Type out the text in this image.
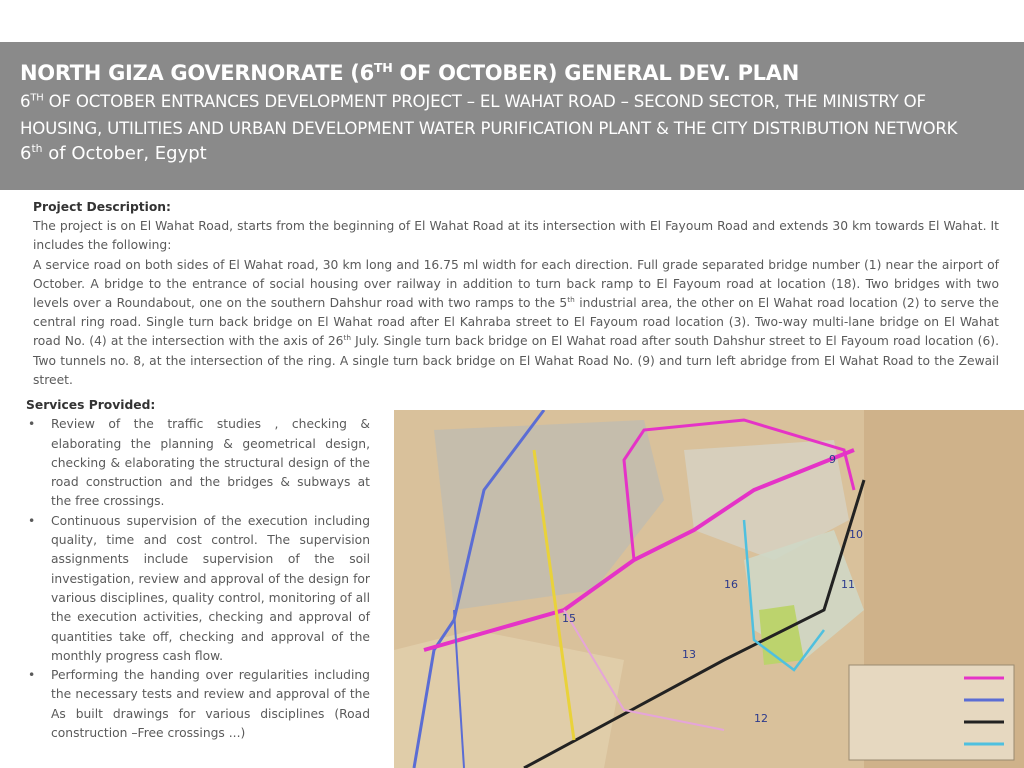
NORTH GIZA GOVERNORATE (6TH OF OCTOBER) GENERAL DEV. PLAN
6TH OF OCTOBER ENTRANCES DEVELOPMENT PROJECT – EL WAHAT ROAD – SECOND SECTOR, THE MINISTRY OF
HOUSING, UTILITIES AND URBAN DEVELOPMENT WATER PURIFICATION PLANT & THE CITY DISTRIBUTION NETWORK
6th of October, Egypt
Project Description:
The project is on El Wahat Road, starts from the beginning of El Wahat Road at its intersection with El Fayoum Road and extends 30 km towards El Wahat. It includes the following:
A service road on both sides of El Wahat road, 30 km long and 16.75 ml width for each direction. Full grade separated bridge number (1) near the airport of October. A bridge to the entrance of social housing over railway in addition to turn back ramp to El Fayoum road at location (18). Two bridges with two levels over a Roundabout, one on the southern Dahshur road with two ramps to the 5th industrial area, the other on El Wahat road location (2) to serve the central ring road. Single turn back bridge on El Wahat road after El Kahraba street to El Fayoum road location (3). Two-way multi-lane bridge on El Wahat road No. (4) at the intersection with the axis of 26th July. Single turn back bridge on El Wahat road after south Dahshur street to El Fayoum road location (6). Two tunnels no. 8, at the intersection of the ring. A single turn back bridge on El Wahat Road No. (9) and turn left abridge from El Wahat Road to the Zewail street.
Services Provided:
• Review of the traffic studies , checking & elaborating the planning & geometrical design, checking & elaborating the structural design of the road construction and the bridges & subways at the free crossings.
• Continuous supervision of the execution including quality, time and cost control. The supervision assignments include supervision of the soil investigation, review and approval of the design for various disciplines, quality control, monitoring of all the execution activities, checking and approval of quantities take off, checking and approval of the monthly progress cash flow.
• Performing the handing over regularities including the necessary tests and review and approval of the As built drawings for various disciplines (Road construction –Free crossings ...)
9
10
11
12
13
15
16
